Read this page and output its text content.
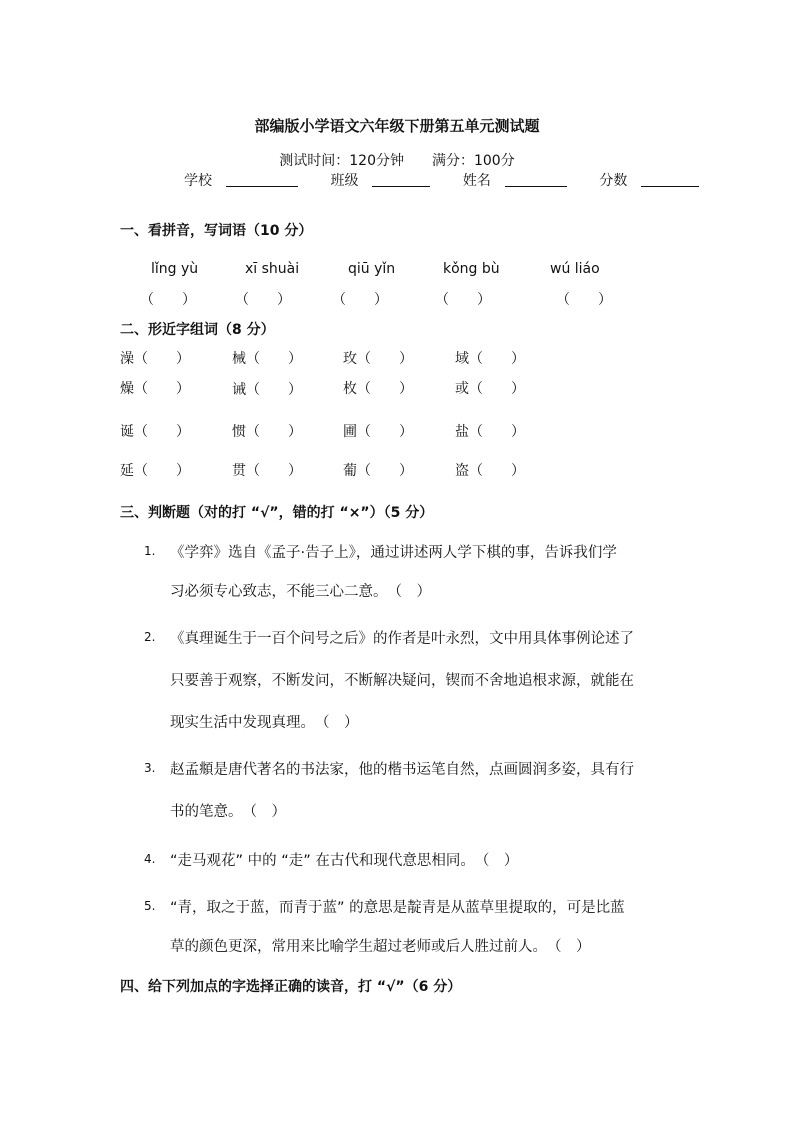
部编版小学语文六年级下册第五单元测试题
测试时间：120分钟　　满分：100分
学校	班级	姓名	分数
一、看拼音，写词语（10 分）
lǐng yù	xī shuài	qiū yǐn	kǒng bù	wú liáo
（　　）	（　　）	（　　）	（　　）	（　　）
二、形近字组词（8 分）
澡（　　）	械（　　）	玫（　　）	域（　　）
燥（　　）	诫（　　）	枚（　　）	或（　　）
诞（　　）	惯（　　）	圃（　　）	盐（　　）
延（　　）	贯（　　）	葡（　　）	盗（　　）
三、判断题（对的打 “√”，错的打 “×”）（5 分）
1. 《学弈》选自《孟子·告子上》，通过讲述两人学下棋的事，告诉我们学
习必须专心致志，不能三心二意。　（　）
2. 《真理诞生于一百个问号之后》的作者是叶永烈，文中用具体事例论述了
只要善于观察，不断发问，不断解决疑问，锲而不舍地追根求源，就能在
现实生活中发现真理。　（　）
3. 赵孟頫是唐代著名的书法家，他的楷书运笔自然，点画圆润多姿，具有行
书的笔意。　（　）
4. “走马观花” 中的 “走” 在古代和现代意思相同。　（　）
5. “青，取之于蓝，而青于蓝” 的意思是靛青是从蓝草里提取的，可是比蓝
草的颜色更深，常用来比喻学生超过老师或后人胜过前人。　（　）
四、给下列加点的字选择正确的读音，打 “√”（6 分）
